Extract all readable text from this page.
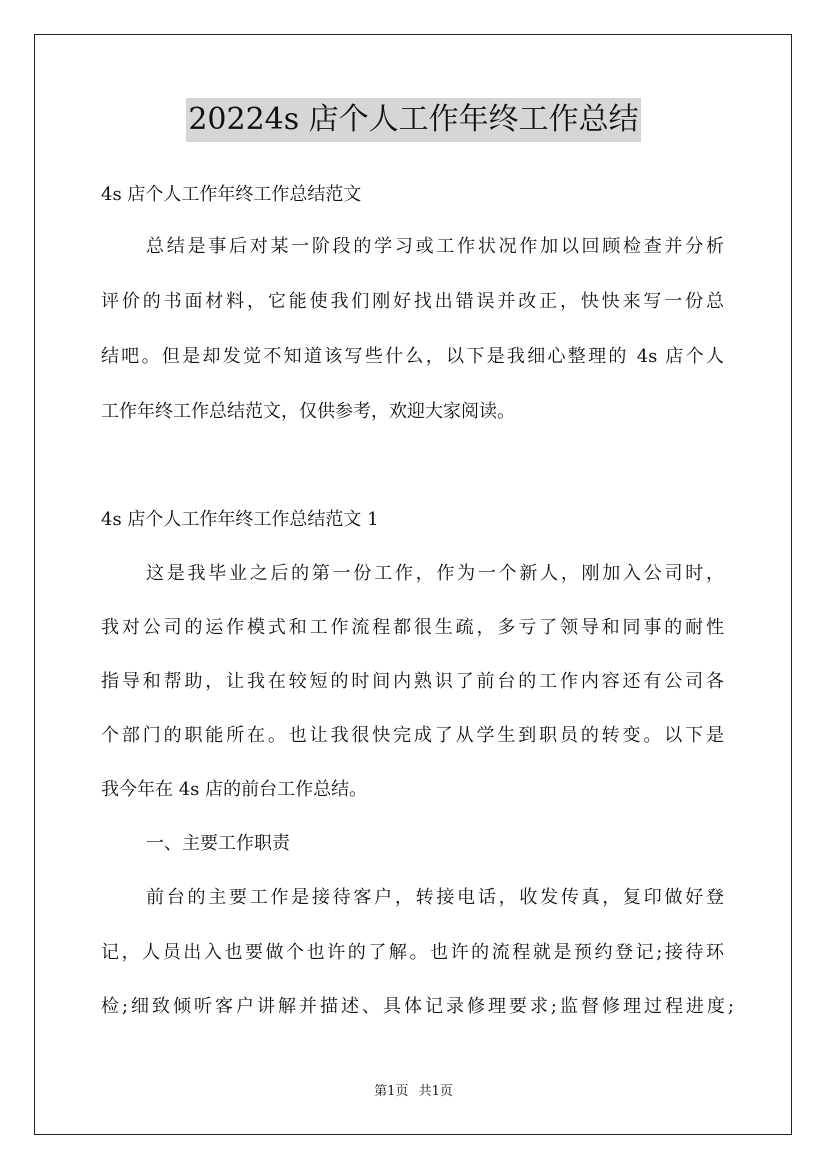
20224s 店个人工作年终工作总结
4s 店个人工作年终工作总结范文
总结是事后对某一阶段的学习或工作状况作加以回顾检查并分析
评价的书面材料，它能使我们刚好找出错误并改正，快快来写一份总
结吧。但是却发觉不知道该写些什么，以下是我细心整理的 4s 店个人
工作年终工作总结范文，仅供参考，欢迎大家阅读。
4s 店个人工作年终工作总结范文 1
这是我毕业之后的第一份工作，作为一个新人，刚加入公司时，
我对公司的运作模式和工作流程都很生疏，多亏了领导和同事的耐性
指导和帮助，让我在较短的时间内熟识了前台的工作内容还有公司各
个部门的职能所在。也让我很快完成了从学生到职员的转变。以下是
我今年在 4s 店的前台工作总结。
一、主要工作职责
前台的主要工作是接待客户，转接电话，收发传真，复印做好登
记，人员出入也要做个也许的了解。也许的流程就是预约登记;接待环
检;细致倾听客户讲解并描述、具体记录修理要求;监督修理过程进度;
第1页 共1页
